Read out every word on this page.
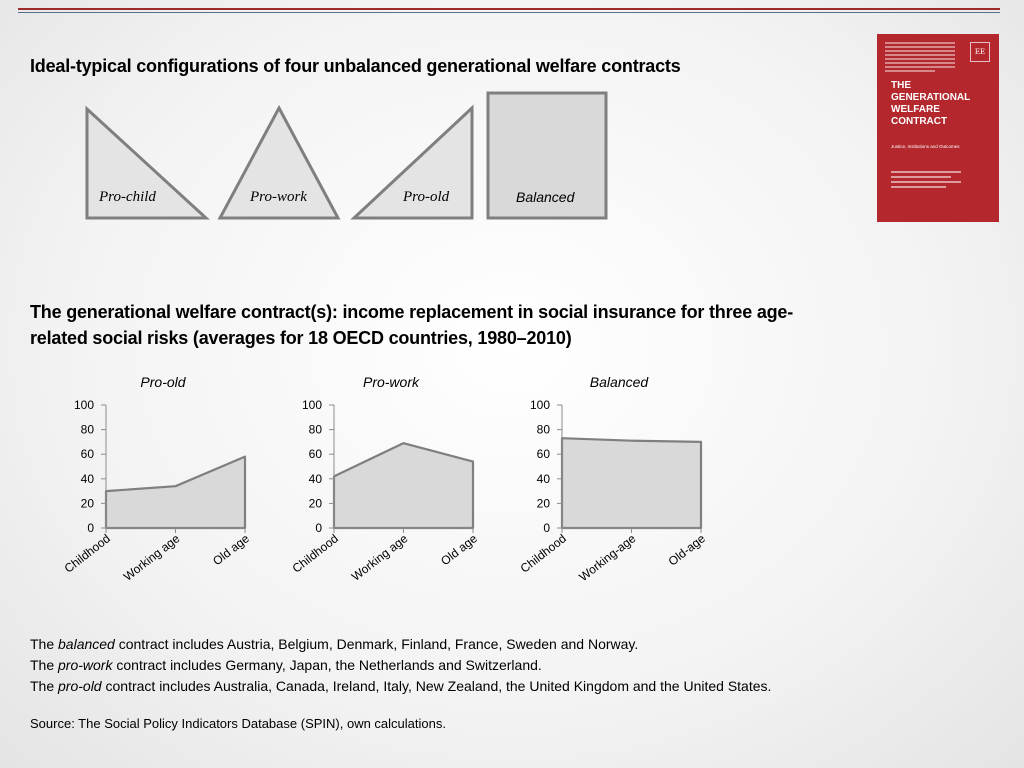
Ideal-typical configurations of four unbalanced generational welfare contracts
Pro-child	Pro-work	Pro-old	Balanced
The generational welfare contract(s): income replacement in social insurance for three age-related social risks (averages for 18 OECD countries, 1980–2010)
Pro-old
0
20
40
60
80
100
Childhood Working age Old age
Pro-work
0
20
40
60
80
100
Childhood Working age Old age
Balanced
0
20
40
60
80
100
Childhood Working-age Old-age

The balanced contract includes Austria, Belgium, Denmark, Finland, France, Sweden and Norway.
The pro-work contract includes Germany, Japan, the Netherlands and Switzerland.
The pro-old contract includes Australia, Canada, Ireland, Italy, New Zealand, the United Kingdom and the United States.

Source: The Social Policy Indicators Database (SPIN), own calculations.

EE

THE
GENERATIONAL
WELFARE
CONTRACT

Justice, Institutions and Outcomes
